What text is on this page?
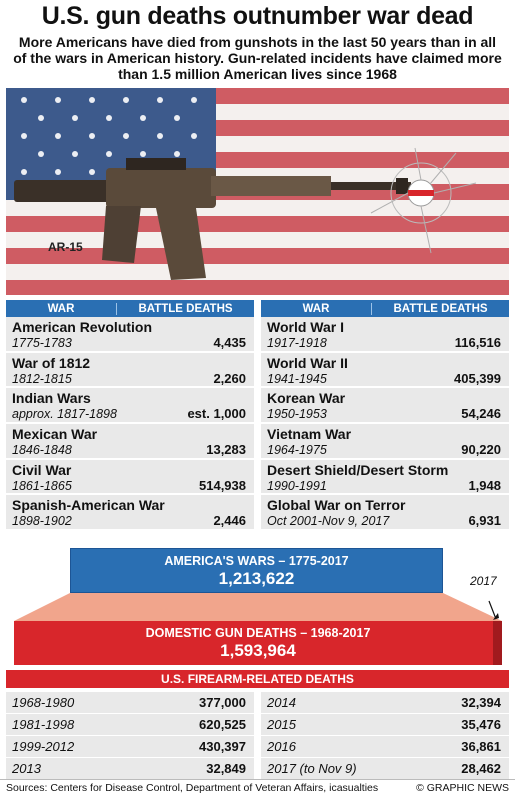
U.S. gun deaths outnumber war dead
More Americans have died from gunshots in the last 50 years than in all of the wars in American history. Gun-related incidents have claimed more than 1.5 million American lives since 1968
AR-15
WAR	BATTLE DEATHS
American Revolution
1775-1783	4,435
War of 1812
1812-1815	2,260
Indian Wars
approx. 1817-1898	est. 1,000
Mexican War
1846-1848	13,283
Civil War
1861-1865	514,938
Spanish-American War
1898-1902	2,446
WAR	BATTLE DEATHS
World War I
1917-1918	116,516
World War II
1941-1945	405,399
Korean War
1950-1953	54,246
Vietnam War
1964-1975	90,220
Desert Shield/Desert Storm
1990-1991	1,948
Global War on Terror
Oct 2001-Nov 9, 2017	6,931
AMERICA'S WARS – 1775-2017
1,213,622	2017
DOMESTIC GUN DEATHS – 1968-2017
1,593,964
U.S. FIREARM-RELATED DEATHS
1968-1980	377,000
1981-1998	620,525
1999-2012	430,397
2013	32,849
2014	32,394
2015	35,476
2016	36,861
2017 (to Nov 9)	28,462
Sources: Centers for Disease Control, Department of Veteran Affairs, icasualties	© GRAPHIC NEWS
